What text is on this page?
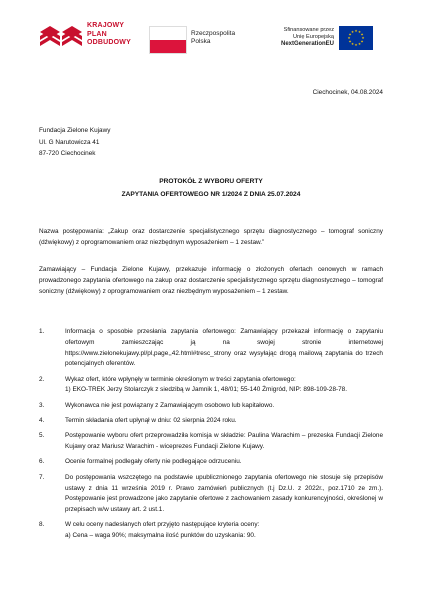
KRAJOWY
PLAN
ODBUDOWY
Rzeczpospolita
Polska
Sfinansowane przez
Unię Europejską
NextGenerationEU
★ ★
★
★
★
★
★
★
★
★
★
★
Ciechocinek, 04.08.2024
Fundacja Zielone Kujawy
Ul. G Narutowicza 41
87-720 Ciechocinek
PROTOKÓŁ Z WYBORU OFERTY
ZAPYTANIA OFERTOWEGO NR 1/2024 Z DNIA 25.07.2024
Nazwa postępowania: „Zakup oraz dostarczenie specjalistycznego sprzętu diagnostycznego – tomograf soniczny (dźwiękowy) z oprogramowaniem oraz niezbędnym wyposażeniem – 1 zestaw.”
Zamawiający – Fundacja Zielone Kujawy, przekazuje informację o złożonych ofertach cenowych w ramach prowadzonego zapytania ofertowego na zakup oraz dostarczenie specjalistycznego sprzętu diagnostycznego – tomograf soniczny (dźwiękowy) z oprogramowaniem oraz niezbędnym wyposażeniem – 1 zestaw.
1.	Informacja o sposobie przesłania zapytania ofertowego: Zamawiający przekazał informację o zapytaniu ofertowym zamieszczając ją na swojej stronie internetowej https://www.zielonekujawy.pl/pl,page,,42.html#tresc_strony oraz wysyłając drogą mailową zapytania do trzech potencjalnych oferentów.
2.	Wykaz ofert, które wpłynęły w terminie określonym w treści zapytania ofertowego:
1) EKO-TREK Jerzy Stolarczyk z siedzibą w Jamnik 1, 48/01; 55-140 Żmigród, NIP: 898-109-28-78.
3.	Wykonawca nie jest powiązany z Zamawiającym osobowo lub kapitałowo.
4.	Termin składania ofert upłynął w dniu: 02 sierpnia 2024 roku.
5.	Postępowanie wyboru ofert przeprowadziła komisja w składzie: Paulina Warachim – prezeska Fundacji Zielone Kujawy oraz Mariusz Warachim - wiceprezes Fundacji Zielone Kujawy.
6.	Ocenie formalnej podlegały oferty nie podlegające odrzuceniu.
7.	Do postępowania wszczętego na podstawie upublicznionego zapytania ofertowego nie stosuje się przepisów ustawy z dnia 11 września 2019 r. Prawo zamówień publicznych (t.j Dz.U. z 2022r., poz.1710 ze zm.). Postępowanie jest prowadzone jako zapytanie ofertowe z zachowaniem zasady konkurencyjności, określonej w przepisach w/w ustawy art. 2 ust.1.
8.	W celu oceny nadesłanych ofert przyjęto następujące kryteria oceny:
a) Cena – waga 90%; maksymalna ilość punktów do uzyskania: 90.
